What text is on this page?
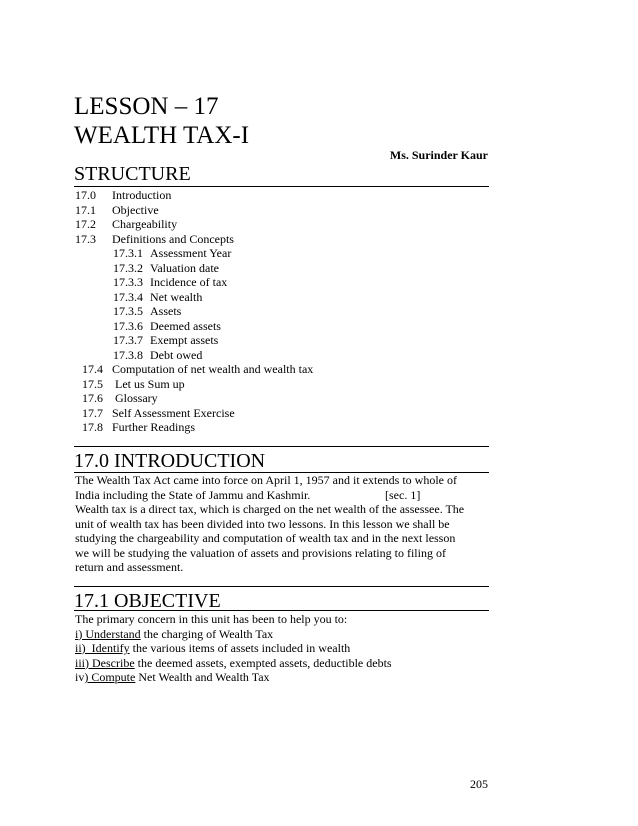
LESSON – 17
WEALTH TAX-I
Ms. Surinder Kaur
STRUCTURE
17.0	Introduction
17.1	Objective
17.2	Chargeability
17.3	Definitions and Concepts
17.3.1 Assessment Year
17.3.2 Valuation date
17.3.3 Incidence of tax
17.3.4 Net wealth
17.3.5 Assets
17.3.6 Deemed assets
17.3.7 Exempt assets
17.3.8 Debt owed
17.4 Computation of net wealth and wealth tax
17.5 Let us Sum up
17.6 Glossary
17.7 Self Assessment Exercise
17.8 Further Readings
17.0 INTRODUCTION
The Wealth Tax Act came into force on April 1, 1957 and it extends to whole of
India including the State of Jammu and Kashmir.	[sec. 1]
Wealth tax is a direct tax, which is charged on the net wealth of the assessee. The
unit of wealth tax has been divided into two lessons. In this lesson we shall be
studying the chargeability and computation of wealth tax and in the next lesson
we will be studying the valuation of assets and provisions relating to filing of
return and assessment.
17.1 OBJECTIVE
The primary concern in this unit has been to help you to:
i) Understand the charging of Wealth Tax
ii)  Identify the various items of assets included in wealth
iii) Describe the deemed assets, exempted assets, deductible debts
iv) Compute Net Wealth and Wealth Tax
205
